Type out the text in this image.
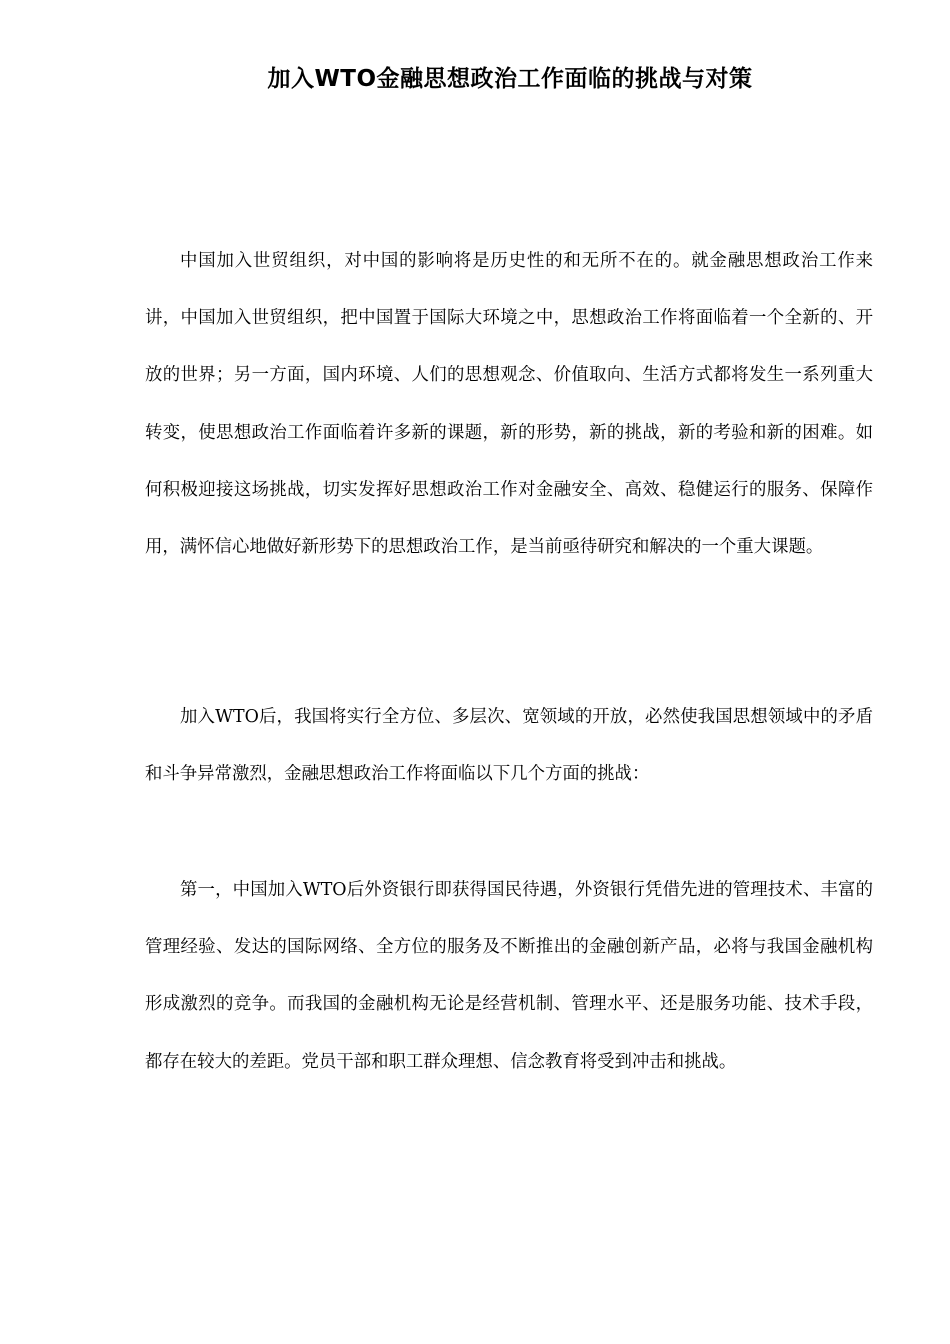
加入WTO金融思想政治工作面临的挑战与对策

中国加入世贸组织，对中国的影响将是历史性的和无所不在的。就金融思想政治工作来讲，中国加入世贸组织，把中国置于国际大环境之中，思想政治工作将面临着一个全新的、开放的世界；另一方面，国内环境、人们的思想观念、价值取向、生活方式都将发生一系列重大转变，使思想政治工作面临着许多新的课题，新的形势，新的挑战，新的考验和新的困难。如何积极迎接这场挑战，切实发挥好思想政治工作对金融安全、高效、稳健运行的服务、保障作用，满怀信心地做好新形势下的思想政治工作，是当前亟待研究和解决的一个重大课题。

加入WTO后，我国将实行全方位、多层次、宽领域的开放，必然使我国思想领域中的矛盾和斗争异常激烈，金融思想政治工作将面临以下几个方面的挑战：

第一，中国加入WTO后外资银行即获得国民待遇，外资银行凭借先进的管理技术、丰富的管理经验、发达的国际网络、全方位的服务及不断推出的金融创新产品，必将与我国金融机构形成激烈的竞争。而我国的金融机构无论是经营机制、管理水平、还是服务功能、技术手段，都存在较大的差距。党员干部和职工群众理想、信念教育将受到冲击和挑战。
